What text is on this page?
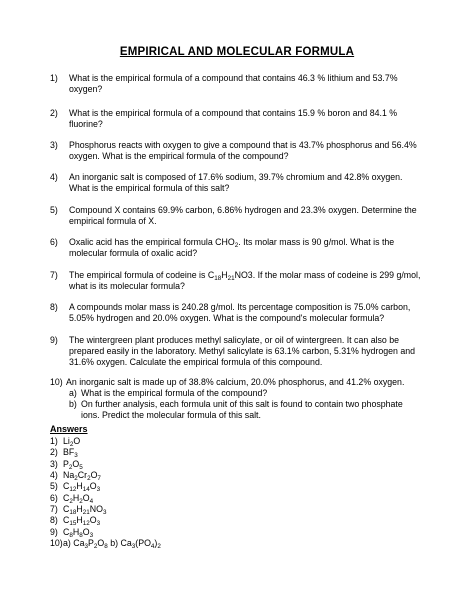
EMPIRICAL AND MOLECULAR FORMULA
1) What is the empirical formula of a compound that contains 46.3 % lithium and 53.7% oxygen?
2) What is the empirical formula of a compound that contains 15.9 % boron and 84.1 % fluorine?
3) Phosphorus reacts with oxygen to give a compound that is 43.7% phosphorus and 56.4% oxygen. What is the empirical formula of the compound?
4) An inorganic salt is composed of 17.6% sodium, 39.7% chromium and 42.8% oxygen. What is the empirical formula of this salt?
5) Compound X contains 69.9% carbon, 6.86% hydrogen and 23.3% oxygen. Determine the empirical formula of X.
6) Oxalic acid has the empirical formula $CHO_2$. Its molar mass is 90 g/mol. What is the molecular formula of oxalic acid?
7) The empirical formula of codeine is $C_{18}H_{21}NO3$. If the molar mass of codeine is 299 g/mol, what is its molecular formula?
8) A compounds molar mass is 240.28 g/mol. Its percentage composition is 75.0% carbon, 5.05% hydrogen and 20.0% oxygen. What is the compound's molecular formula?
9) The wintergreen plant produces methyl salicylate, or oil of wintergreen. It can also be prepared easily in the laboratory. Methyl salicylate is 63.1% carbon, 5.31% hydrogen and 31.6% oxygen. Calculate the empirical formula of this compound.
10) An inorganic salt is made up of 38.8% calcium, 20.0% phosphorus, and 41.2% oxygen.
a) What is the empirical formula of the compound?
b) On further analysis, each formula unit of this salt is found to contain two phosphate ions. Predict the molecular formula of this salt.
Answers
$1)Li_2O$
$2)BF_3$
$3)P_2O_5$
$4)Na_2Cr_2O_7$
$5)C_{12}H_{14}O_3$
$6)C_2H_2O_4$
$7)C_{18}H_{21}NO_3$
$8)C_{15}H_{12}O_3$
$9)C_8H_8O_3$
10)a) $Ca_3P_2O_8$ b) $Ca_3(PO_4)_2$
